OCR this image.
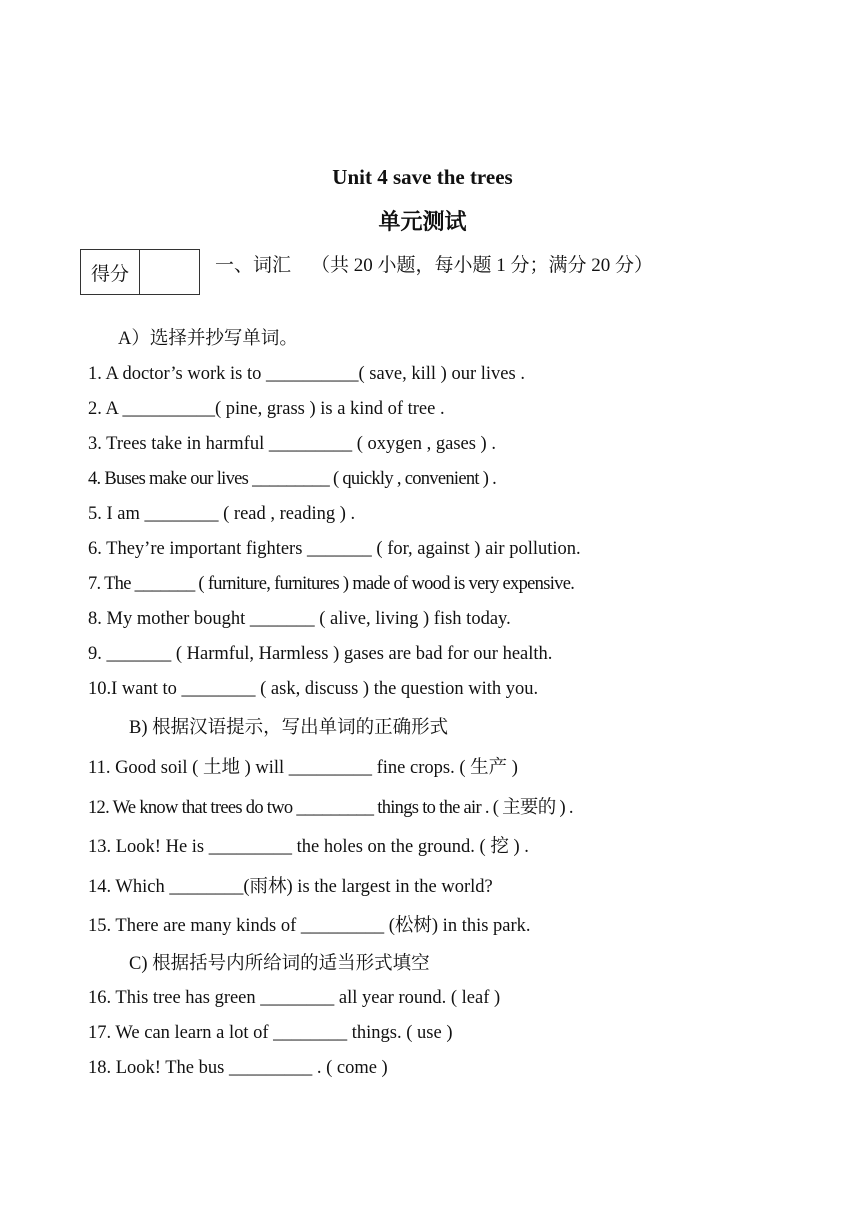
Unit 4 save the trees
单元测试
得分	一、词汇 （共 20 小题，每小题 1 分；满分 20 分）
A）选择并抄写单词。
1. A doctor’s work is to __________( save, kill ) our lives .
2. A __________( pine, grass ) is a kind of tree .
3. Trees take in harmful _________ ( oxygen , gases ) .
4. Buses make our lives _________ ( quickly , convenient ) .
5. I am ________ ( read , reading ) .
6. They’re important fighters _______ ( for, against ) air pollution.
7. The _______ ( furniture, furnitures ) made of wood is very expensive.
8. My mother bought _______ ( alive, living ) fish today.
9. _______ ( Harmful, Harmless ) gases are bad for our health.
10.I want to ________ ( ask, discuss ) the question with you.
B) 根据汉语提示，写出单词的正确形式
11. Good soil ( 土地 ) will _________ fine crops. ( 生产 )
12. We know that trees do two _________ things to the air . ( 主要的 ) .
13. Look! He is _________ the holes on the ground. ( 挖 ) .
14. Which ________(雨林) is the largest in the world?
15. There are many kinds of _________ (松树) in this park.
C) 根据括号内所给词的适当形式填空
16. This tree has green ________ all year round. ( leaf )
17. We can learn a lot of ________ things. ( use )
18. Look! The bus _________ . ( come )
